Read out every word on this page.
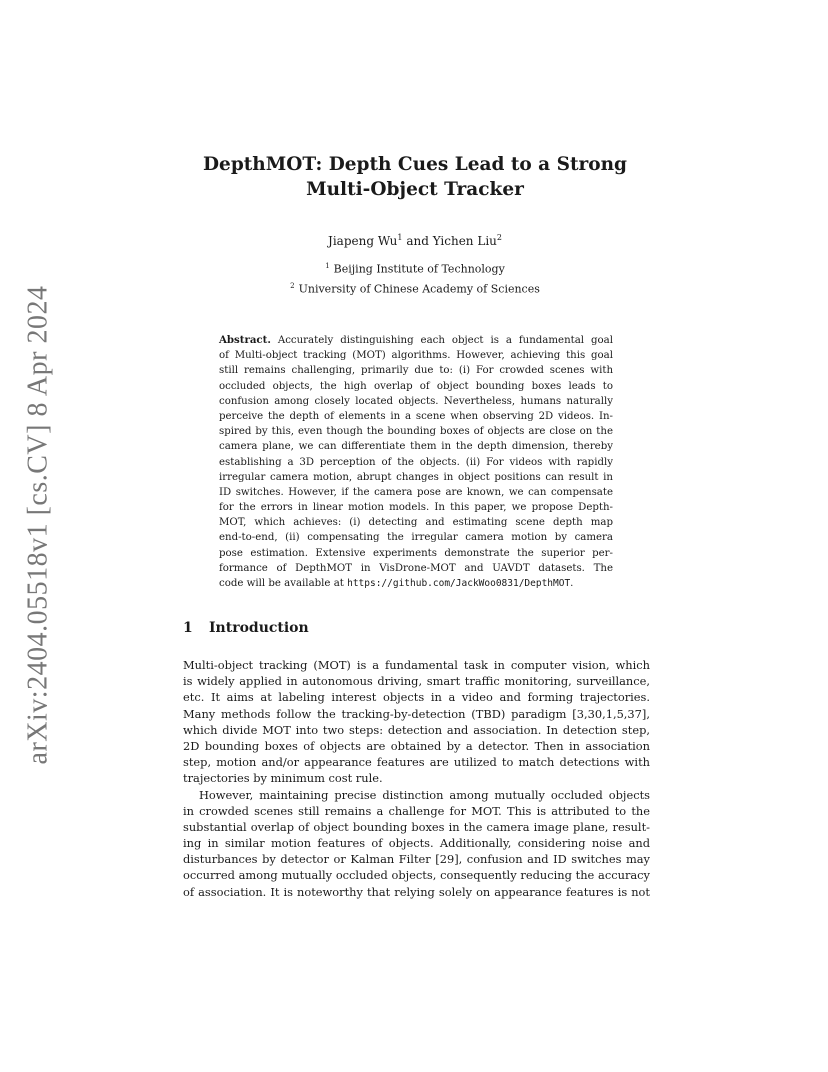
arXiv:2404.05518v1 [cs.CV] 8 Apr 2024
DepthMOT: Depth Cues Lead to a Strong
Multi-Object Tracker
Jiapeng Wu$^1$ and Yichen Liu$^2$
$^1$ Beijing Institute of Technology
$^2$ University of Chinese Academy of Sciences
Abstract. Accurately distinguishing each object is a fundamental goal
of Multi-object tracking (MOT) algorithms. However, achieving this goal
still remains challenging, primarily due to: (i) For crowded scenes with
occluded objects, the high overlap of object bounding boxes leads to
confusion among closely located objects. Nevertheless, humans naturally
perceive the depth of elements in a scene when observing 2D videos. In-
spired by this, even though the bounding boxes of objects are close on the
camera plane, we can differentiate them in the depth dimension, thereby
establishing a 3D perception of the objects. (ii) For videos with rapidly
irregular camera motion, abrupt changes in object positions can result in
ID switches. However, if the camera pose are known, we can compensate
for the errors in linear motion models. In this paper, we propose Depth-
MOT, which achieves: (i) detecting and estimating scene depth map
end-to-end, (ii) compensating the irregular camera motion by camera
pose estimation. Extensive experiments demonstrate the superior per-
formance of DepthMOT in VisDrone-MOT and UAVDT datasets. The
code will be available at https://github.com/JackWoo0831/DepthMOT.
1 Introduction
Multi-object tracking (MOT) is a fundamental task in computer vision, which
is widely applied in autonomous driving, smart traffic monitoring, surveillance,
etc. It aims at labeling interest objects in a video and forming trajectories.
Many methods follow the tracking-by-detection (TBD) paradigm [3,30,1,5,37],
which divide MOT into two steps: detection and association. In detection step,
2D bounding boxes of objects are obtained by a detector. Then in association
step, motion and/or appearance features are utilized to match detections with
trajectories by minimum cost rule.
However, maintaining precise distinction among mutually occluded objects
in crowded scenes still remains a challenge for MOT. This is attributed to the
substantial overlap of object bounding boxes in the camera image plane, result-
ing in similar motion features of objects. Additionally, considering noise and
disturbances by detector or Kalman Filter [29], confusion and ID switches may
occurred among mutually occluded objects, consequently reducing the accuracy
of association. It is noteworthy that relying solely on appearance features is not
